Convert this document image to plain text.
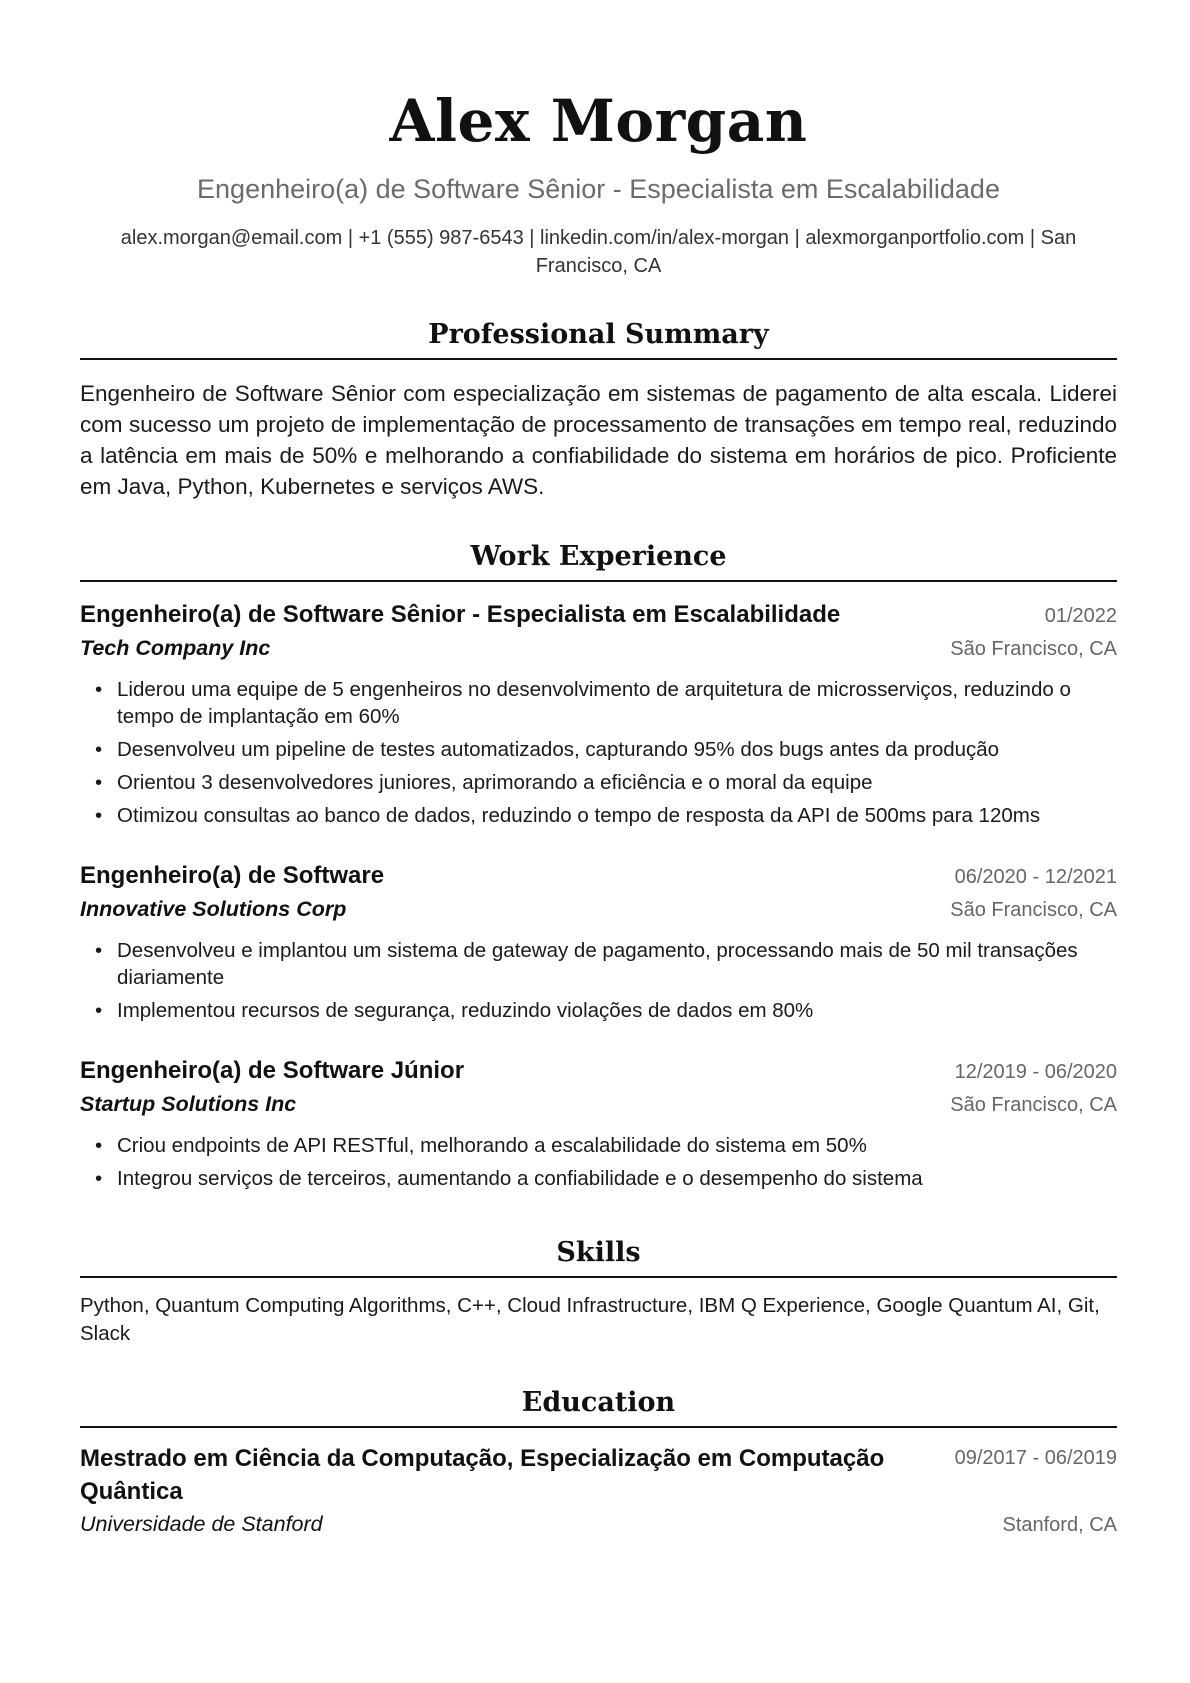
Alex Morgan
Engenheiro(a) de Software Sênior - Especialista em Escalabilidade
alex.morgan@email.com | +1 (555) 987-6543 | linkedin.com/in/alex-morgan | alexmorganportfolio.com | San Francisco, CA
Professional Summary
Engenheiro de Software Sênior com especialização em sistemas de pagamento de alta escala. Liderei com sucesso um projeto de implementação de processamento de transações em tempo real, reduzindo a latência em mais de 50% e melhorando a confiabilidade do sistema em horários de pico. Proficiente em Java, Python, Kubernetes e serviços AWS.
Work Experience
Engenheiro(a) de Software Sênior - Especialista em Escalabilidade	01/2022
Tech Company Inc	São Francisco, CA
• Liderou uma equipe de 5 engenheiros no desenvolvimento de arquitetura de microsserviços, reduzindo o tempo de implantação em 60%
• Desenvolveu um pipeline de testes automatizados, capturando 95% dos bugs antes da produção
• Orientou 3 desenvolvedores juniores, aprimorando a eficiência e o moral da equipe
• Otimizou consultas ao banco de dados, reduzindo o tempo de resposta da API de 500ms para 120ms
Engenheiro(a) de Software	06/2020 - 12/2021
Innovative Solutions Corp	São Francisco, CA
• Desenvolveu e implantou um sistema de gateway de pagamento, processando mais de 50 mil transações diariamente
• Implementou recursos de segurança, reduzindo violações de dados em 80%
Engenheiro(a) de Software Júnior	12/2019 - 06/2020
Startup Solutions Inc	São Francisco, CA
• Criou endpoints de API RESTful, melhorando a escalabilidade do sistema em 50%
• Integrou serviços de terceiros, aumentando a confiabilidade e o desempenho do sistema
Skills
Python, Quantum Computing Algorithms, C++, Cloud Infrastructure, IBM Q Experience, Google Quantum AI, Git, Slack
Education
Mestrado em Ciência da Computação, Especialização em Computação Quântica
09/2017 - 06/2019
Universidade de Stanford	Stanford, CA
